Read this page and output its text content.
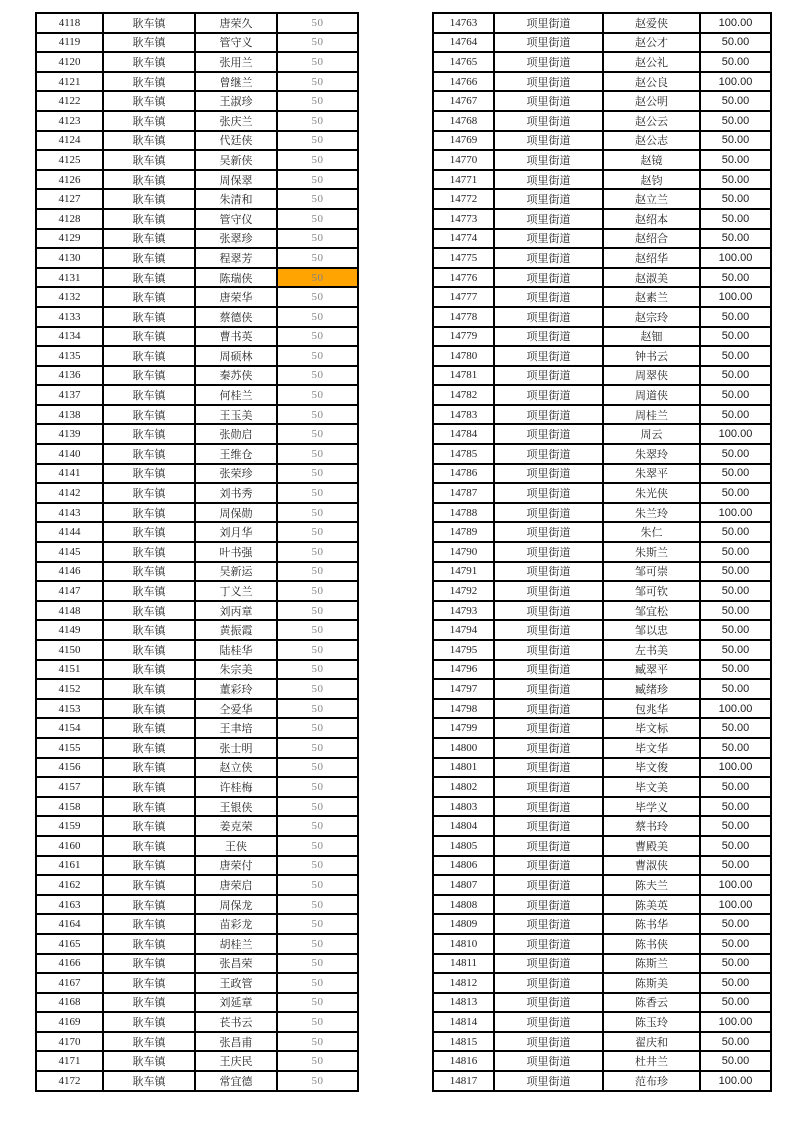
4118	耿车镇	唐荣久	50
4119	耿车镇	管守义	50
4120	耿车镇	张用兰	50
4121	耿车镇	曾继兰	50
4122	耿车镇	王淑珍	50
4123	耿车镇	张庆兰	50
4124	耿车镇	代廷侠	50
4125	耿车镇	吴新侠	50
4126	耿车镇	周保翠	50
4127	耿车镇	朱清和	50
4128	耿车镇	管守仪	50
4129	耿车镇	张翠珍	50
4130	耿车镇	程翠芳	50
4131	耿车镇	陈瑞侠	50
4132	耿车镇	唐荣华	50
4133	耿车镇	蔡德侠	50
4134	耿车镇	曹书英	50
4135	耿车镇	周硕林	50
4136	耿车镇	秦苏侠	50
4137	耿车镇	何桂兰	50
4138	耿车镇	王玉美	50
4139	耿车镇	张勋启	50
4140	耿车镇	王维仓	50
4141	耿车镇	张荣珍	50
4142	耿车镇	刘书秀	50
4143	耿车镇	周保勋	50
4144	耿车镇	刘月华	50
4145	耿车镇	叶书强	50
4146	耿车镇	吴新运	50
4147	耿车镇	丁义兰	50
4148	耿车镇	刘丙章	50
4149	耿车镇	黄振霞	50
4150	耿车镇	陆桂华	50
4151	耿车镇	朱宗美	50
4152	耿车镇	董彩玲	50
4153	耿车镇	仝爱华	50
4154	耿车镇	王聿培	50
4155	耿车镇	张士明	50
4156	耿车镇	赵立侠	50
4157	耿车镇	许桂梅	50
4158	耿车镇	王银侠	50
4159	耿车镇	姜克荣	50
4160	耿车镇	王侠	50
4161	耿车镇	唐荣付	50
4162	耿车镇	唐荣启	50
4163	耿车镇	周保龙	50
4164	耿车镇	苗彩龙	50
4165	耿车镇	胡桂兰	50
4166	耿车镇	张昌荣	50
4167	耿车镇	王政管	50
4168	耿车镇	刘延章	50
4169	耿车镇	苌书云	50
4170	耿车镇	张昌甫	50
4171	耿车镇	王庆民	50
4172	耿车镇	常宜德	50
14763	项里街道	赵爱侠	100.00
14764	项里街道	赵公才	50.00
14765	项里街道	赵公礼	50.00
14766	项里街道	赵公良	100.00
14767	项里街道	赵公明	50.00
14768	项里街道	赵公云	50.00
14769	项里街道	赵公志	50.00
14770	项里街道	赵镜	50.00
14771	项里街道	赵钧	50.00
14772	项里街道	赵立兰	50.00
14773	项里街道	赵绍本	50.00
14774	项里街道	赵绍合	50.00
14775	项里街道	赵绍华	100.00
14776	项里街道	赵淑美	50.00
14777	项里街道	赵素兰	100.00
14778	项里街道	赵宗玲	50.00
14779	项里街道	赵钿	50.00
14780	项里街道	钟书云	50.00
14781	项里街道	周翠侠	50.00
14782	项里街道	周道侠	50.00
14783	项里街道	周桂兰	50.00
14784	项里街道	周云	100.00
14785	项里街道	朱翠玲	50.00
14786	项里街道	朱翠平	50.00
14787	项里街道	朱光侠	50.00
14788	项里街道	朱兰玲	100.00
14789	项里街道	朱仁	50.00
14790	项里街道	朱斯兰	50.00
14791	项里街道	邹可崇	50.00
14792	项里街道	邹可钦	50.00
14793	项里街道	邹宜松	50.00
14794	项里街道	邹以忠	50.00
14795	项里街道	左书美	50.00
14796	项里街道	臧翠平	50.00
14797	项里街道	臧绪珍	50.00
14798	项里街道	包兆华	100.00
14799	项里街道	毕文标	50.00
14800	项里街道	毕文华	50.00
14801	项里街道	毕文俊	100.00
14802	项里街道	毕文美	50.00
14803	项里街道	毕学义	50.00
14804	项里街道	蔡书玲	50.00
14805	项里街道	曹殿美	50.00
14806	项里街道	曹淑侠	50.00
14807	项里街道	陈夫兰	100.00
14808	项里街道	陈美英	100.00
14809	项里街道	陈书华	50.00
14810	项里街道	陈书侠	50.00
14811	项里街道	陈斯兰	50.00
14812	项里街道	陈斯美	50.00
14813	项里街道	陈香云	50.00
14814	项里街道	陈玉玲	100.00
14815	项里街道	翟庆和	50.00
14816	项里街道	杜井兰	50.00
14817	项里街道	范布珍	100.00
